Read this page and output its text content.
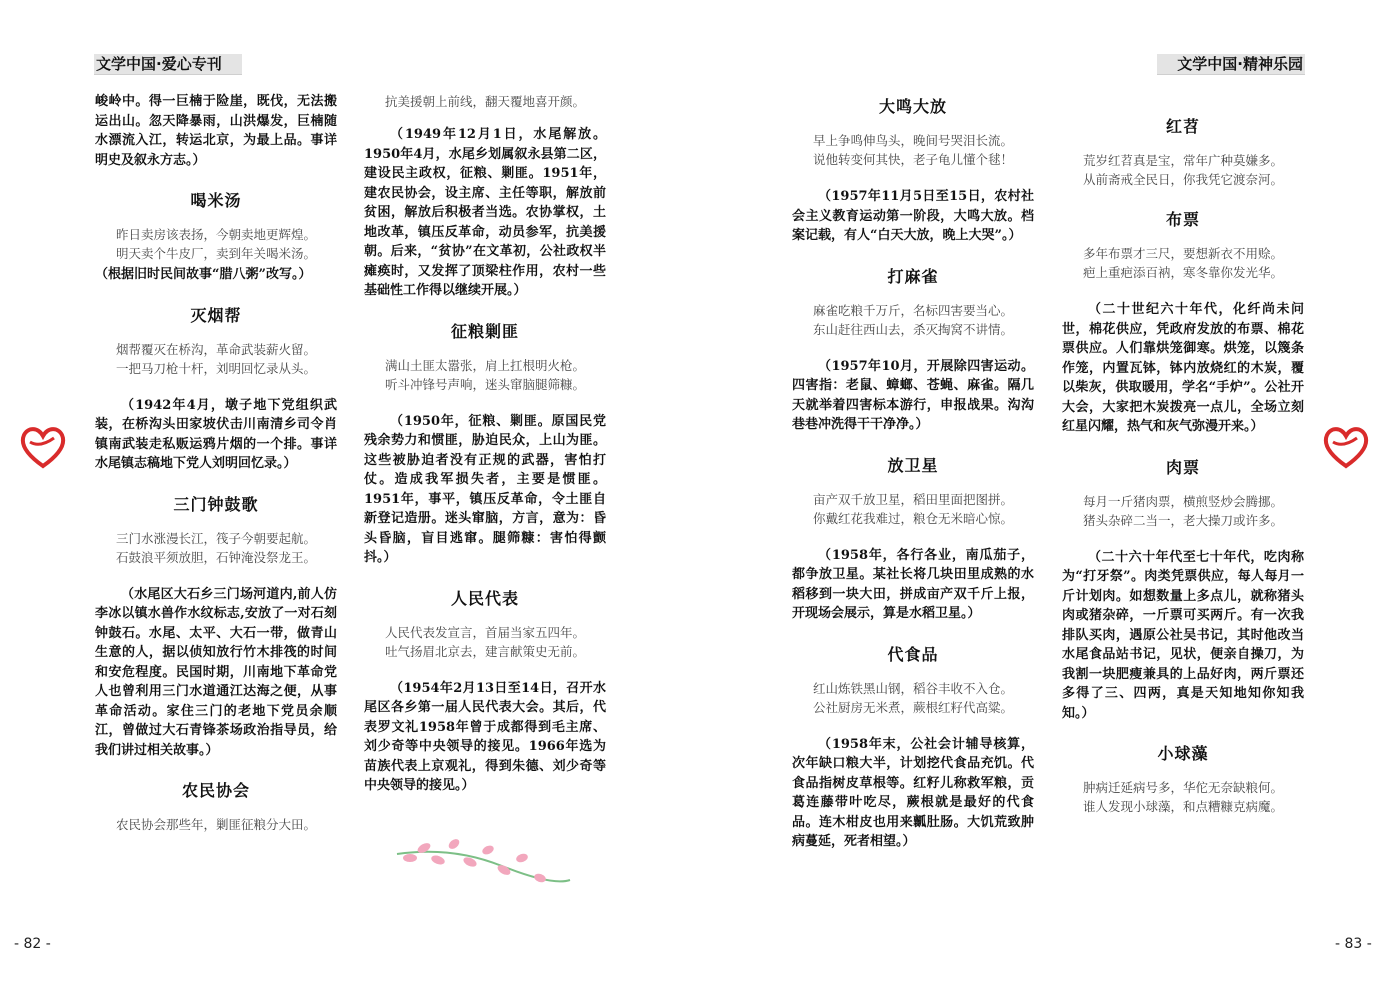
文学中国·爱心专刊

峻岭中。得一巨楠于险崖，既伐，无法搬运出山。忽天降暴雨，山洪爆发，巨楠随水漂流入江，转运北京，为最上品。事详明史及叙永方志。）

喝米汤
昨日卖房该表扬，今朝卖地更辉煌。
明天卖个牛皮厂，卖到年关喝米汤。

（根据旧时民间故事“腊八粥”改写。）

灭烟帮
烟帮覆灭在桥沟，革命武装薪火留。
一把马刀枪十杆，刘明回忆录从头。

（1942年4月，墩子地下党组织武装，在桥沟头田家坡伏击川南清乡司令肖镇南武装走私贩运鸦片烟的一个排。事详水尾镇志稿地下党人刘明回忆录。）

三门钟鼓歌
三门水涨漫长江，筏子今朝要起航。
石鼓浪平须放胆，石钟淹没祭龙王。

（水尾区大石乡三门场河道内,前人仿李冰以镇水兽作水纹标志,安放了一对石刻钟鼓石。水尾、太平、大石一带，做青山生意的人，据以侦知放行竹木排筏的时间和安危程度。民国时期，川南地下革命党人也曾利用三门水道通江达海之便，从事革命活动。家住三门的老地下党员余顺江，曾做过大石青锋茶场政治指导员，给我们讲过相关故事。）

农民协会
农民协会那些年，剿匪征粮分大田。
抗美援朝上前线，翻天覆地喜开颜。

（1949年12月1日，水尾解放。1950年4月，水尾乡划属叙永县第二区，建设民主政权，征粮、剿匪。1951年，建农民协会，设主席、主任等职，解放前贫困，解放后积极者当选。农协掌权，土地改革，镇压反革命，动员参军，抗美援朝。后来，“贫协”在文革初，公社政权半瘫痪时，又发挥了顶梁柱作用，农村一些基础性工作得以继续开展。）

征粮剿匪
满山土匪太嚣张，肩上扛根明火枪。
听斗冲锋号声响，迷头窜脑腿筛糠。

（1950年，征粮、剿匪。原国民党残余势力和惯匪，胁迫民众，上山为匪。这些被胁迫者没有正规的武器，害怕打仗。造成我军损失者，主要是惯匪。1951年，事平，镇压反革命，令土匪自新登记造册。迷头窜脑，方言，意为：昏头昏脑，盲目逃窜。腿筛糠：害怕得颤抖。）

人民代表
人民代表发宣言，首届当家五四年。
吐气扬眉北京去，建言献策史无前。

（1954年2月13日至14日，召开水尾区各乡第一届人民代表大会。其后，代表罗文礼1958年曾于成都得到毛主席、刘少奇等中央领导的接见。1966年选为苗族代表上京观礼，得到朱德、刘少奇等中央领导的接见。）

- 82 -
文学中国·精神乐园
大鸣大放
早上争鸣伸鸟头，晚间号哭泪长流。
说他转变何其快，老子龟儿懂个毬！

（1957年11月5日至15日，农村社会主义教育运动第一阶段，大鸣大放。档案记载，有人“白天大放，晚上大哭”。）

打麻雀
麻雀吃粮千万斤，名标四害要当心。
东山赶往西山去，杀灭掏窝不讲情。

（1957年10月，开展除四害运动。四害指：老鼠、蟑螂、苍蝇、麻雀。隔几天就举着四害标本游行，申报战果。沟沟巷巷冲洗得干干净净。）

放卫星
亩产双千放卫星，稻田里面把图拼。
你戴红花我难过，粮仓无米暗心惊。

（1958年，各行各业，南瓜茄子，都争放卫星。某社长将几块田里成熟的水稻移到一块大田，拼成亩产双千斤上报，开现场会展示，算是水稻卫星。）

代食品
红山炼铁黑山钢，稻谷丰收不入仓。
公社厨房无米煮，蕨根红籽代高粱。

（1958年末，公社会计辅导核算，次年缺口粮大半，计划挖代食品充饥。代食品指树皮草根等。红籽儿称救军粮，贡葛连藤带叶吃尽，蕨根就是最好的代食品。连木柑皮也用来瓤肚肠。大饥荒致肿病蔓延，死者相望。）

红苕
荒岁红苕真是宝，常年广种莫嫌多。
从前斋戒全民日，你我凭它渡奈河。
布票
多年布票才三尺，要想新衣不用赊。
疤上重疤添百衲，寒冬靠你发光华。

（二十世纪六十年代，化纤尚未问世，棉花供应，凭政府发放的布票、棉花票供应。人们靠烘笼御寒。烘笼，以篾条作笼，内置瓦钵，钵内放烧红的木炭，覆以柴灰，供取暖用，学名“手炉”。公社开大会，大家把木炭拨亮一点儿，全场立刻红星闪耀，热气和灰气弥漫开来。）

肉票
每月一斤猪肉票，横煎竖炒会腾挪。
猪头杂碎二当一，老大操刀或许多。

（二十六十年代至七十年代，吃肉称为“打牙祭”。肉类凭票供应，每人每月一斤计划肉。如想数量上多点儿，就称猪头肉或猪杂碎，一斤票可买两斤。有一次我排队买肉，遇原公社吴书记，其时他改当水尾食品站书记，见状，便亲自操刀，为我割一块肥瘦兼具的上品好肉，两斤票还多得了三、四两，真是天知地知你知我知。）

小球藻
肿病迁延病号多，华佗无奈缺粮何。
谁人发现小球藻，和点糟糠克病魔。
- 83 -
